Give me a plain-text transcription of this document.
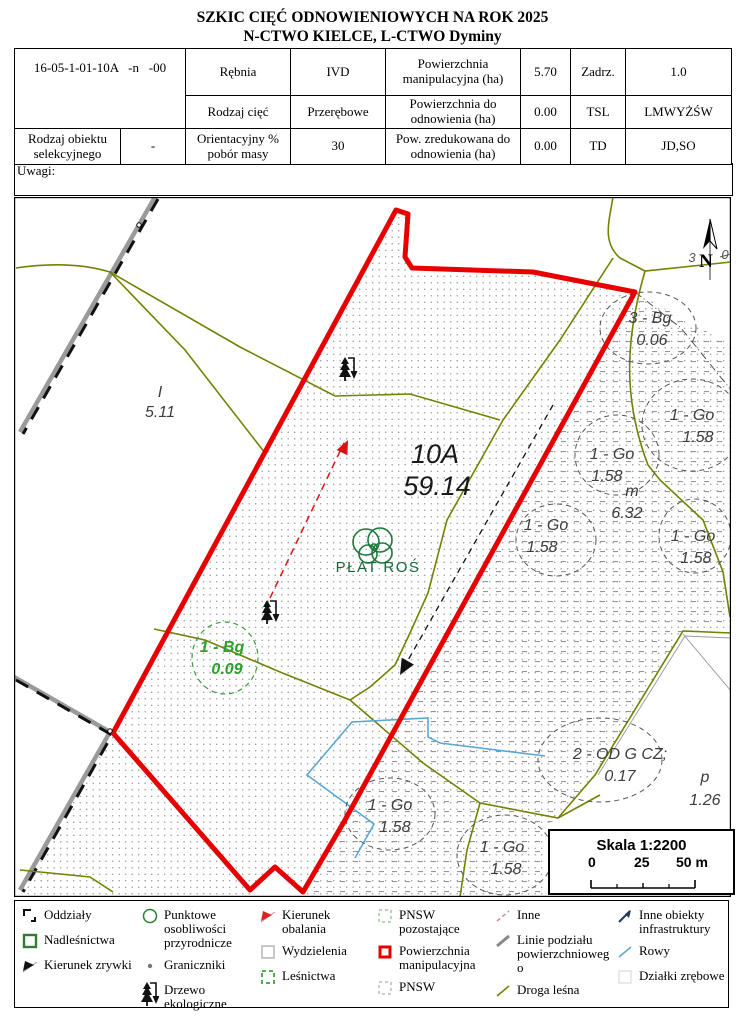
SZKIC CIĘĆ ODNOWIENIOWYCH NA ROK 2025
N-CTWO KIELCE, L-CTWO Dyminy
16-05-1-01-10A   -n   -00		Rębnia	IVD	Powierzchnia manipulacyjna (ha)	5.70	Zadrz.	1.0
		Rodzaj cięć	Przerębowe	Powierzchnia do odnowienia (ha)	0.00	TSL	LMWYŻŚW
Rodzaj obiektu selekcyjnego	-	Orientacyjny % pobór masy	30	Pow. zredukowana do odnowienia (ha)	0.00	TD	JD,SO
Uwagi:
I
5.11
10A
59.14
PŁAT ROŚ
3 - Bg
0.06
1 - Go
1.58
1 - Go
1.58
m
6.32
1 - Go
1.58
1 - Go
1.58
2 - OD G CZ;
0.17
1 - Go
1.58
1 - Go
1.58
1 - Bg
0.09
p
1.26
N
3 0
Skala 1:2200
0	25 50 m
Oddziały
Nadleśnictwa
Kierunek zrywki
Punktowe osobliwości przyrodnicze
Graniczniki
Drzewo ekologiczne
Kierunek obalania
Wydzielenia
Leśnictwa
PNSW pozostające
Powierzchnia manipulacyjna
PNSW
Inne
Linie podziału powierzchnioweg o
Droga leśna
Inne obiekty infrastruktury
Rowy
Działki zrębowe
